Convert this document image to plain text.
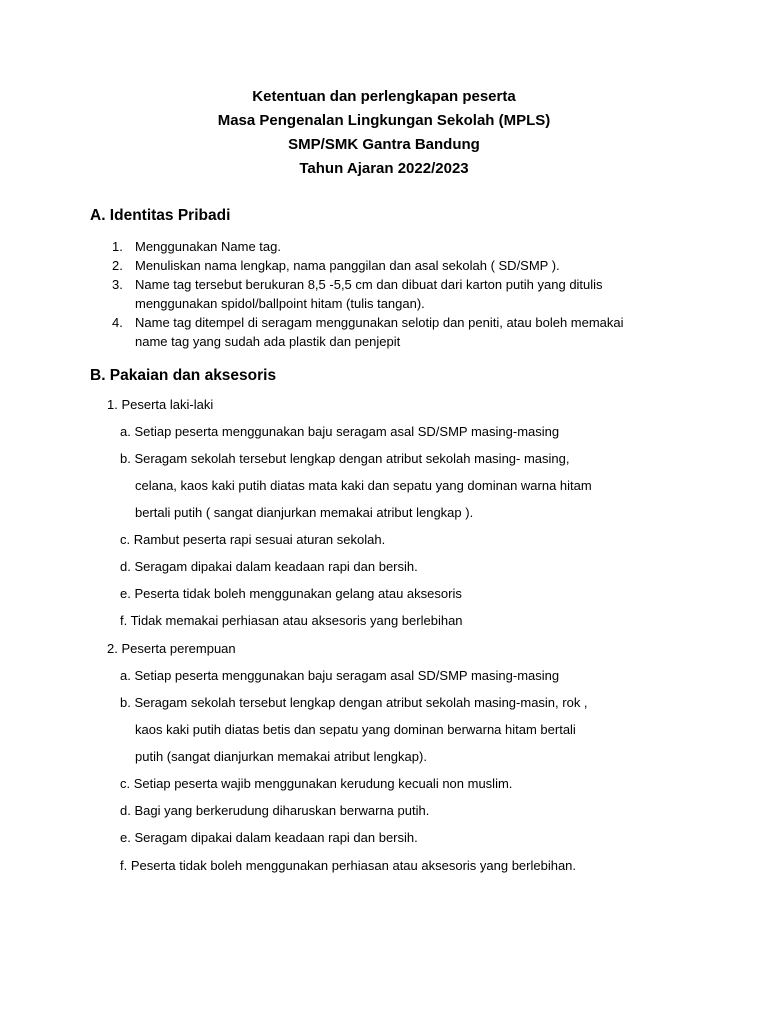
Ketentuan dan perlengkapan peserta
Masa Pengenalan Lingkungan Sekolah (MPLS)
SMP/SMK Gantra Bandung
Tahun Ajaran 2022/2023
A. Identitas Pribadi
1. Menggunakan Name tag.
2. Menuliskan nama lengkap, nama panggilan dan asal sekolah ( SD/SMP ).
3. Name tag tersebut berukuran 8,5 -5,5 cm dan dibuat dari karton putih yang ditulis
menggunakan spidol/ballpoint hitam (tulis tangan).
4. Name tag ditempel di seragam menggunakan selotip dan peniti, atau boleh memakai
name tag yang sudah ada plastik dan penjepit
B. Pakaian dan aksesoris
1. Peserta laki-laki
a. Setiap peserta menggunakan baju seragam asal SD/SMP masing-masing
b. Seragam sekolah tersebut lengkap dengan atribut sekolah masing- masing,
celana, kaos kaki putih diatas mata kaki dan sepatu yang dominan warna hitam
bertali putih ( sangat dianjurkan memakai atribut lengkap ).
c. Rambut peserta rapi sesuai aturan sekolah.
d. Seragam dipakai dalam keadaan rapi dan bersih.
e. Peserta tidak boleh menggunakan gelang atau aksesoris
f. Tidak memakai perhiasan atau aksesoris yang berlebihan
2. Peserta perempuan
a. Setiap peserta menggunakan baju seragam asal SD/SMP masing-masing
b. Seragam sekolah tersebut lengkap dengan atribut sekolah masing-masin, rok ,
kaos kaki putih diatas betis dan sepatu yang dominan berwarna hitam bertali
putih (sangat dianjurkan memakai atribut lengkap).
c. Setiap peserta wajib menggunakan kerudung kecuali non muslim.
d. Bagi yang berkerudung diharuskan berwarna putih.
e. Seragam dipakai dalam keadaan rapi dan bersih.
f. Peserta tidak boleh menggunakan perhiasan atau aksesoris yang berlebihan.
